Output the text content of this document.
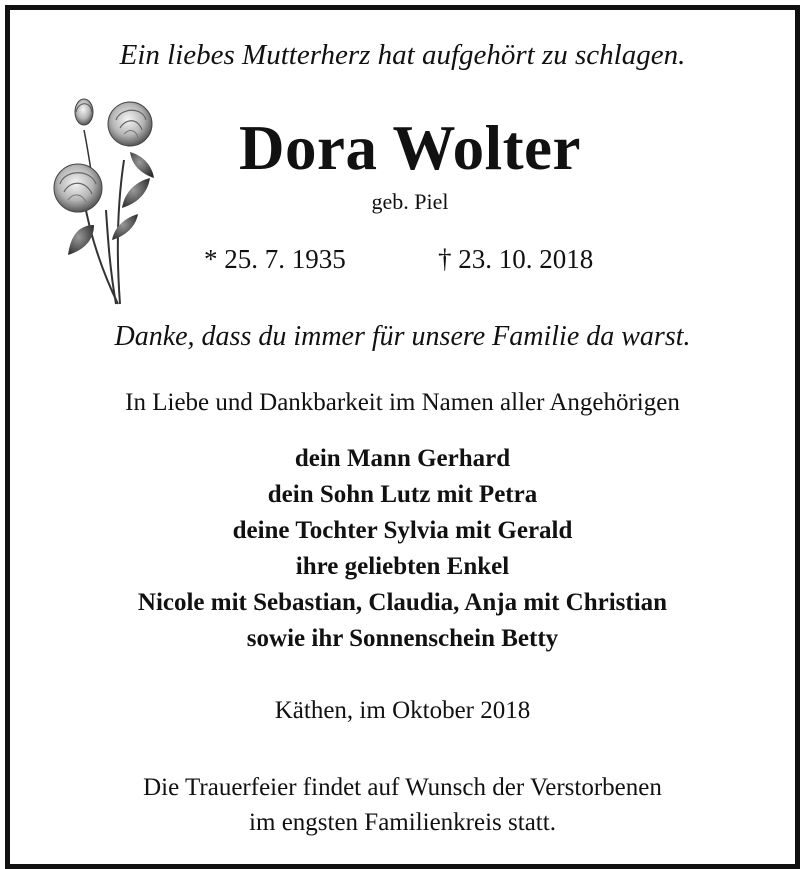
Ein liebes Mutterherz hat aufgehört zu schlagen.
Dora Wolter
geb. Piel
* 25. 7. 1935	† 23. 10. 2018
Danke, dass du immer für unsere Familie da warst.
In Liebe und Dankbarkeit im Namen aller Angehörigen
dein Mann Gerhard
dein Sohn Lutz mit Petra
deine Tochter Sylvia mit Gerald
ihre geliebten Enkel
Nicole mit Sebastian, Claudia, Anja mit Christian
sowie ihr Sonnenschein Betty
Käthen, im Oktober 2018
Die Trauerfeier findet auf Wunsch der Verstorbenen
im engsten Familienkreis statt.
